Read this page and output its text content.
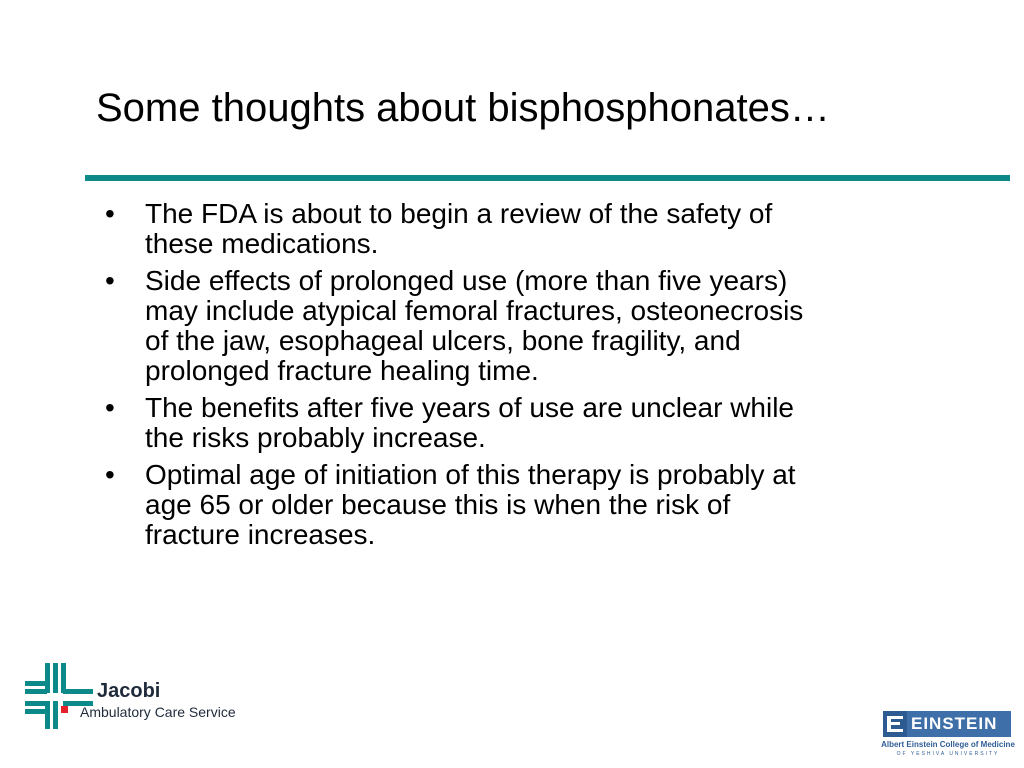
Some thoughts about bisphosphonates…
•	The FDA is about to begin a review of the safety of
these medications.
•	Side effects of prolonged use (more than five years)
may include atypical femoral fractures, osteonecrosis
of the jaw, esophageal ulcers, bone fragility, and
prolonged fracture healing time.
•	The benefits after five years of use are unclear while
the risks probably increase.
•	Optimal age of initiation of this therapy is probably at
age 65 or older because this is when the risk of
fracture increases.
Jacobi
Ambulatory Care Service
EINSTEIN
Albert Einstein College of Medicine
OF YESHIVA UNIVERSITY
